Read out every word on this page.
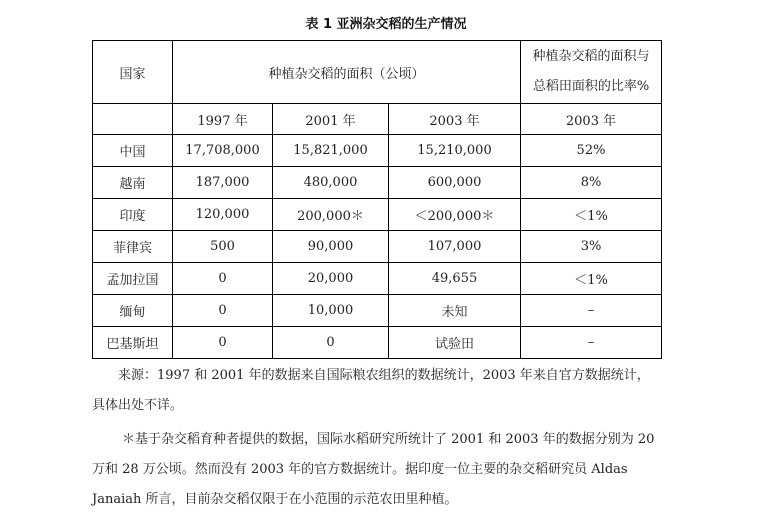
表 1 亚洲杂交稻的生产情况
国家	种植杂交稻的面积（公顷）			种植杂交稻的面积与
总稻田面积的比率%

	1997 年	2001 年	2003 年	2003 年
中国	17,708,000	15,821,000	15,210,000	52%
越南	187,000	480,000	600,000	8%
印度	120,000	200,000＊	＜200,000＊	＜1%
菲律宾	500	90,000	107,000	3%
孟加拉国	0	20,000	49,655	＜1%
缅甸	0	10,000	未知	–
巴基斯坦	0	0	试验田	–
来源：1997 和 2001 年的数据来自国际粮农组织的数据统计，2003 年来自官方数据统计，
具体出处不详。
＊基于杂交稻育种者提供的数据，国际水稻研究所统计了 2001 和 2003 年的数据分别为 20
万和 28 万公顷。然而没有 2003 年的官方数据统计。据印度一位主要的杂交稻研究员 Aldas
Janaiah 所言，目前杂交稻仅限于在小范围的示范农田里种植。
